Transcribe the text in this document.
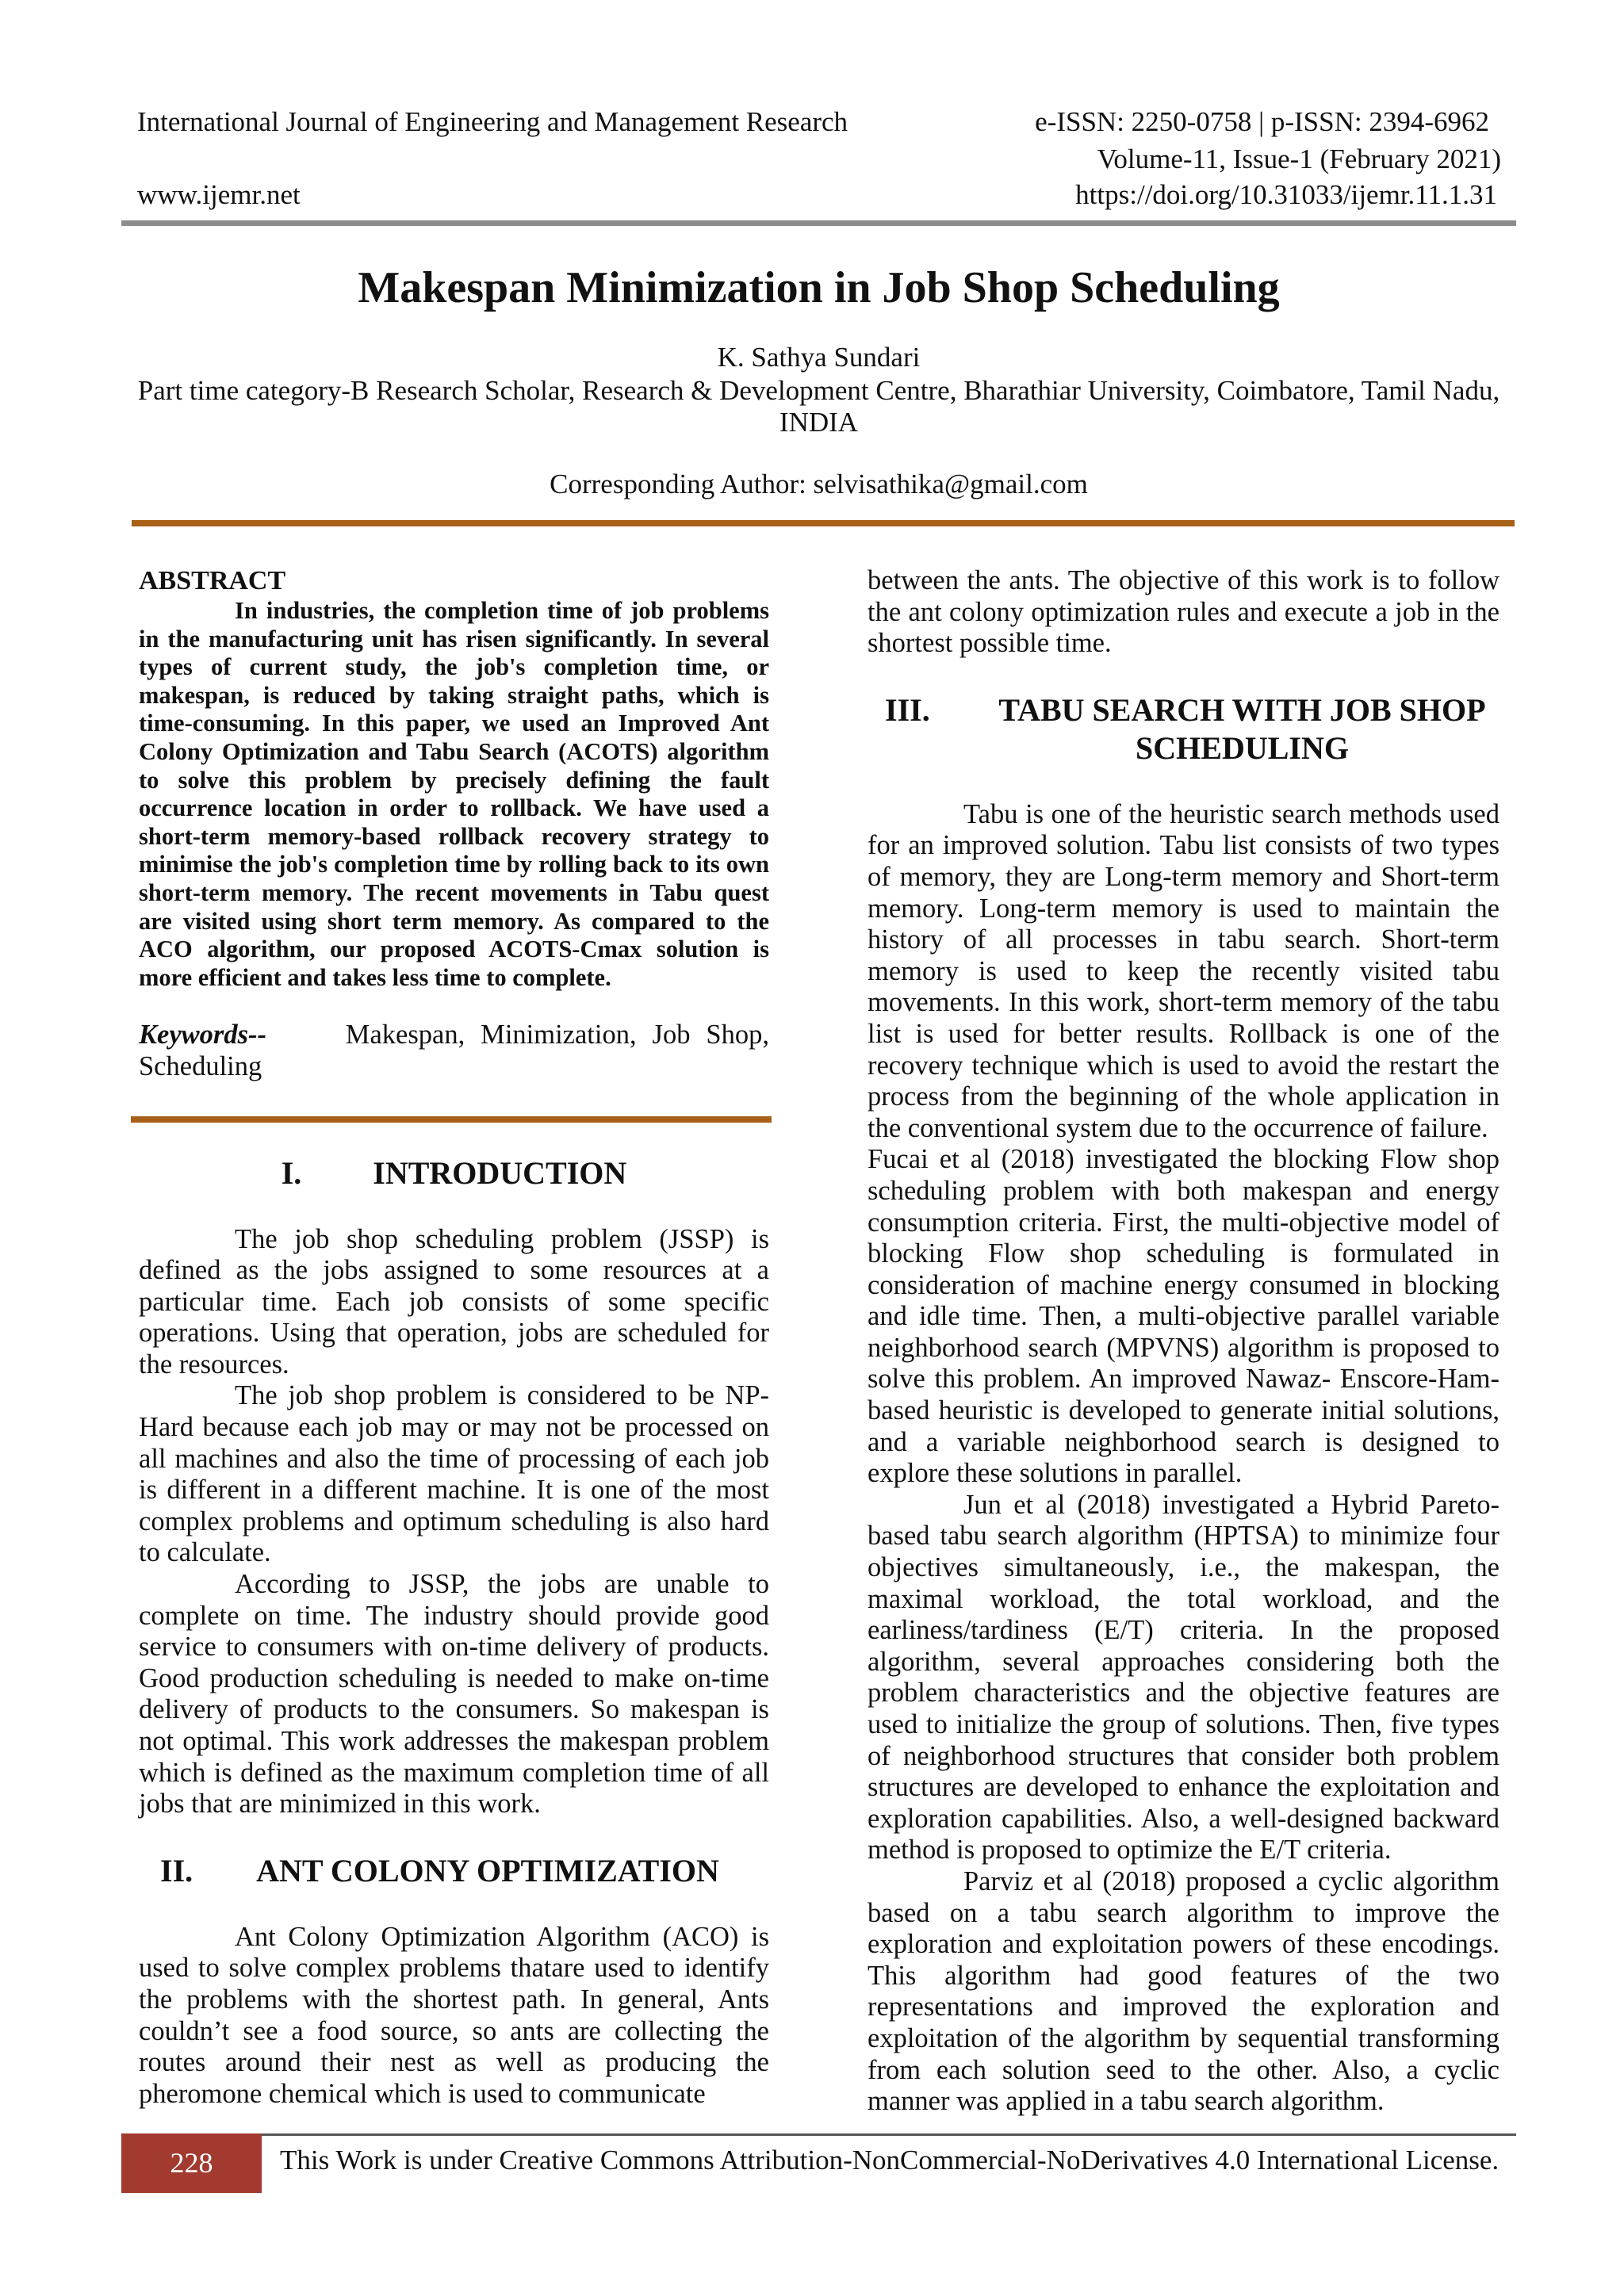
International Journal of Engineering and Management Research	e-ISSN: 2250-0758 | p-ISSN: 2394-6962
Volume-11, Issue-1 (February 2021)
www.ijemr.net	https://doi.org/10.31033/ijemr.11.1.31
Makespan Minimization in Job Shop Scheduling
K. Sathya Sundari
Part time category-B Research Scholar, Research & Development Centre, Bharathiar University, Coimbatore, Tamil Nadu, INDIA
Corresponding Author: selvisathika@gmail.com
ABSTRACT

In industries, the completion time of job problems in the manufacturing unit has risen significantly. In several types of current study, the job's completion time, or makespan, is reduced by taking straight paths, which is time-consuming. In this paper, we used an Improved Ant Colony Optimization and Tabu Search (ACOTS) algorithm to solve this problem by precisely defining the fault occurrence location in order to rollback. We have used a short-term memory-based rollback recovery strategy to minimise the job's completion time by rolling back to its own short-term memory. The recent movements in Tabu quest are visited using short term memory. As compared to the ACO algorithm, our proposed ACOTS-Cmax solution is more efficient and takes less time to complete.

Keywords--	Makespan, Minimization, Job Shop, Scheduling

I. INTRODUCTION

The job shop scheduling problem (JSSP) is defined as the jobs assigned to some resources at a particular time. Each job consists of some specific operations. Using that operation, jobs are scheduled for the resources.

The job shop problem is considered to be NP-Hard because each job may or may not be processed on all machines and also the time of processing of each job is different in a different machine. It is one of the most complex problems and optimum scheduling is also hard to calculate.

According to JSSP, the jobs are unable to complete on time. The industry should provide good service to consumers with on-time delivery of products. Good production scheduling is needed to make on-time delivery of products to the consumers. So makespan is not optimal. This work addresses the makespan problem which is defined as the maximum completion time of all jobs that are minimized in this work.

II. ANT COLONY OPTIMIZATION

Ant Colony Optimization Algorithm (ACO) is used to solve complex problems thatare used to identify the problems with the shortest path. In general, Ants couldn’t see a food source, so ants are collecting the routes around their nest as well as producing the pheromone chemical which is used to communicate

between the ants. The objective of this work is to follow the ant colony optimization rules and execute a job in the shortest possible time.

III.	TABU SEARCH WITH JOB SHOP SCHEDULING

Tabu is one of the heuristic search methods used for an improved solution. Tabu list consists of two types of memory, they are Long-term memory and Short-term memory. Long-term memory is used to maintain the history of all processes in tabu search. Short-term memory is used to keep the recently visited tabu movements. In this work, short-term memory of the tabu list is used for better results. Rollback is one of the recovery technique which is used to avoid the restart the process from the beginning of the whole application in the conventional system due to the occurrence of failure.

Fucai et al (2018) investigated the blocking Flow shop scheduling problem with both makespan and energy consumption criteria. First, the multi-objective model of blocking Flow shop scheduling is formulated in consideration of machine energy consumed in blocking and idle time. Then, a multi-objective parallel variable neighborhood search (MPVNS) algorithm is proposed to solve this problem. An improved Nawaz- Enscore-Ham-based heuristic is developed to generate initial solutions, and a variable neighborhood search is designed to explore these solutions in parallel.

Jun et al (2018) investigated a Hybrid Pareto-based tabu search algorithm (HPTSA) to minimize four objectives simultaneously, i.e., the makespan, the maximal workload, the total workload, and the earliness/tardiness (E/T) criteria. In the proposed algorithm, several approaches considering both the problem characteristics and the objective features are used to initialize the group of solutions. Then, five types of neighborhood structures that consider both problem structures are developed to enhance the exploitation and exploration capabilities. Also, a well-designed backward method is proposed to optimize the E/T criteria.

Parviz et al (2018) proposed a cyclic algorithm based on a tabu search algorithm to improve the exploration and exploitation powers of these encodings. This algorithm had good features of the two representations and improved the exploration and exploitation of the algorithm by sequential transforming from each solution seed to the other. Also, a cyclic manner was applied in a tabu search algorithm.

228	This Work is under Creative Commons Attribution-NonCommercial-NoDerivatives 4.0 International License.
